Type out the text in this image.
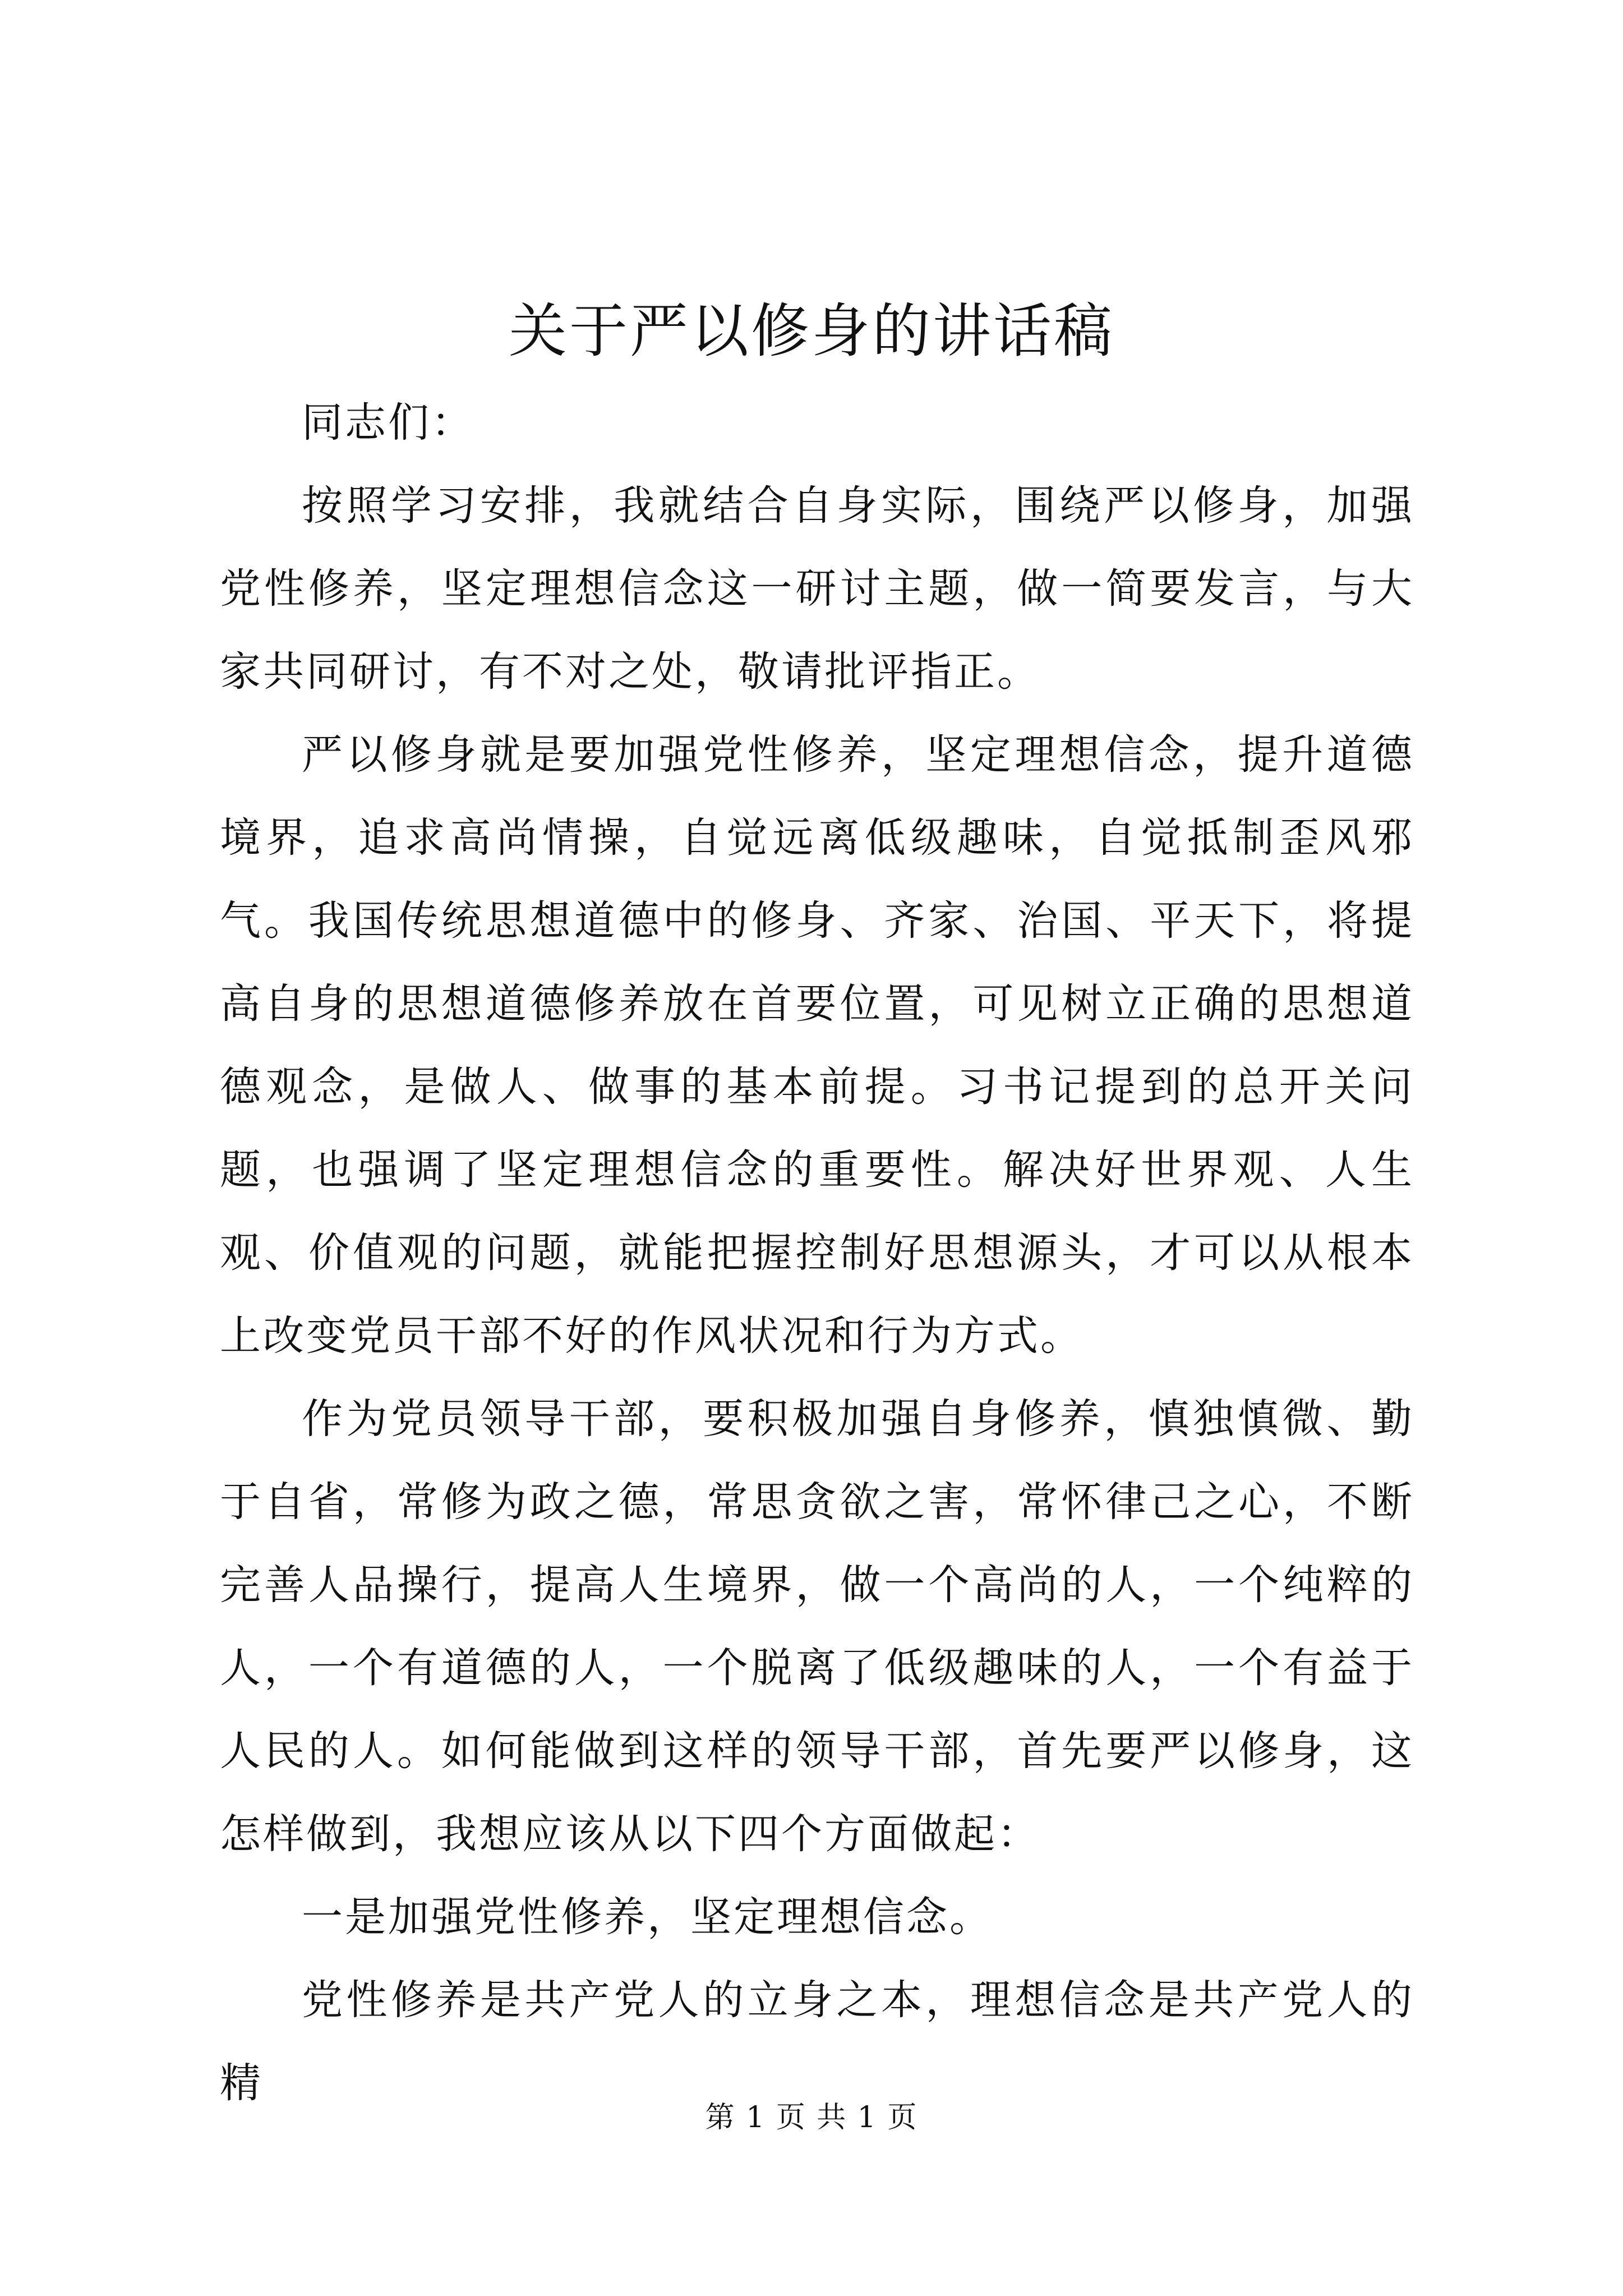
关于严以修身的讲话稿

同志们：

按照学习安排，我就结合自身实际，围绕严以修身，加强党性修养，坚定理想信念这一研讨主题，做一简要发言，与大家共同研讨，有不对之处，敬请批评指正。

严以修身就是要加强党性修养，坚定理想信念，提升道德境界，追求高尚情操，自觉远离低级趣味，自觉抵制歪风邪气。我国传统思想道德中的修身、齐家、治国、平天下，将提高自身的思想道德修养放在首要位置，可见树立正确的思想道德观念，是做人、做事的基本前提。习书记提到的总开关问题，也强调了坚定理想信念的重要性。解决好世界观、人生观、价值观的问题，就能把握控制好思想源头，才可以从根本上改变党员干部不好的作风状况和行为方式。

作为党员领导干部，要积极加强自身修养，慎独慎微、勤于自省，常修为政之德，常思贪欲之害，常怀律己之心，不断完善人品操行，提高人生境界，做一个高尚的人，一个纯粹的人，一个有道德的人，一个脱离了低级趣味的人，一个有益于人民的人。如何能做到这样的领导干部，首先要严以修身，这怎样做到，我想应该从以下四个方面做起：

一是加强党性修养，坚定理想信念。

党性修养是共产党人的立身之本，理想信念是共产党人的精

第 1 页 共 1 页
